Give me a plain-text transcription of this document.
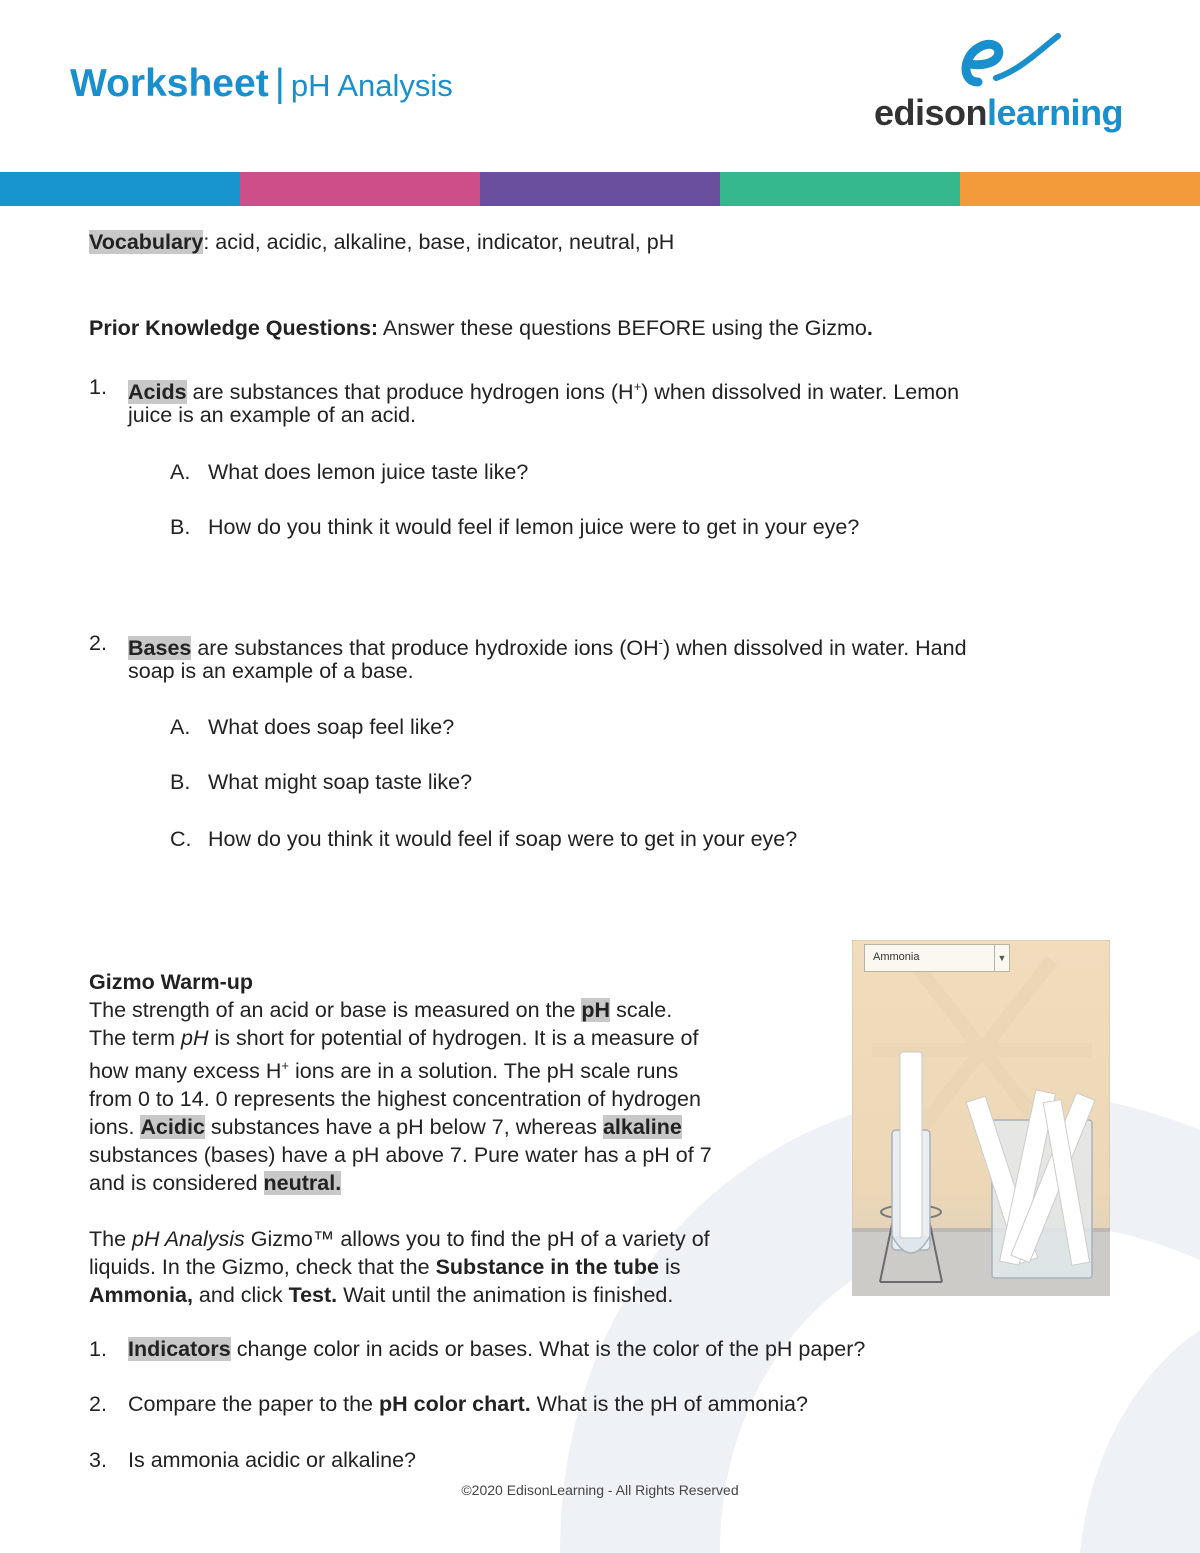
Worksheet | pH Analysis
edisonlearning
Vocabulary: acid, acidic, alkaline, base, indicator, neutral, pH
Prior Knowledge Questions: Answer these questions BEFORE using the Gizmo.
1. Acids are substances that produce hydrogen ions (H+) when dissolved in water. Lemon
juice is an example of an acid.
A. What does lemon juice taste like?
B. How do you think it would feel if lemon juice were to get in your eye?
2. Bases are substances that produce hydroxide ions (OH-) when dissolved in water. Hand
soap is an example of a base.
A. What does soap feel like?
B. What might soap taste like?
C. How do you think it would feel if soap were to get in your eye?
Gizmo Warm-up
The strength of an acid or base is measured on the pH scale.
The term pH is short for potential of hydrogen. It is a measure of
how many excess H+ ions are in a solution. The pH scale runs
from 0 to 14. 0 represents the highest concentration of hydrogen
ions. Acidic substances have a pH below 7, whereas alkaline
substances (bases) have a pH above 7. Pure water has a pH of 7
and is considered neutral.
The pH Analysis Gizmo™ allows you to find the pH of a variety of
liquids. In the Gizmo, check that the Substance in the tube is
Ammonia, and click Test. Wait until the animation is finished.
Ammonia	▼
1. Indicators change color in acids or bases. What is the color of the pH paper?
2. Compare the paper to the pH color chart. What is the pH of ammonia?
3. Is ammonia acidic or alkaline?
©2020 EdisonLearning - All Rights Reserved
